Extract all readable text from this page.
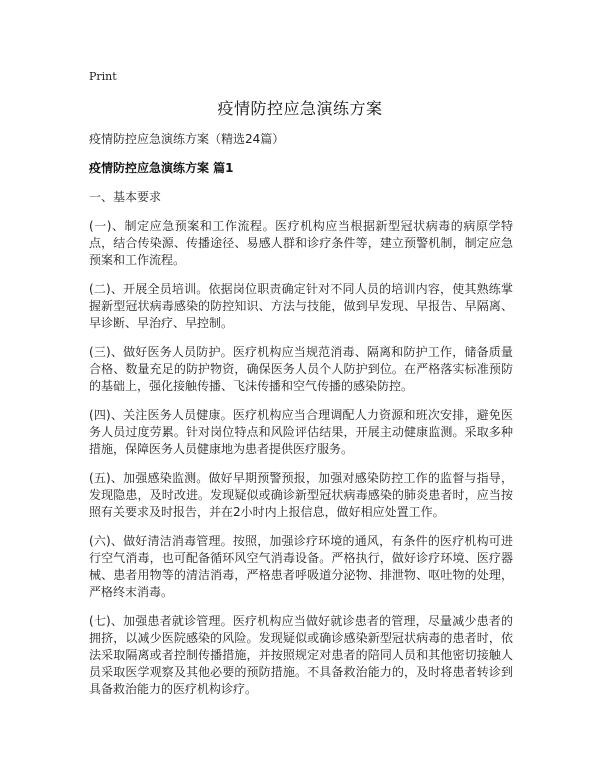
Print
疫情防控应急演练方案

疫情防控应急演练方案（精选24篇）

疫情防控应急演练方案 篇1

一、基本要求

(一)、制定应急预案和工作流程。医疗机构应当根据新型冠状病毒的病原学特点，结合传染源、传播途径、易感人群和诊疗条件等，建立预警机制，制定应急预案和工作流程。

(二)、开展全员培训。依据岗位职责确定针对不同人员的培训内容，使其熟练掌握新型冠状病毒感染的防控知识、方法与技能，做到早发现、早报告、早隔离、早诊断、早治疗、早控制。

(三)、做好医务人员防护。医疗机构应当规范消毒、隔离和防护工作，储备质量合格、数量充足的防护物资，确保医务人员个人防护到位。在严格落实标准预防的基础上，强化接触传播、飞沫传播和空气传播的感染防控。

(四)、关注医务人员健康。医疗机构应当合理调配人力资源和班次安排，避免医务人员过度劳累。针对岗位特点和风险评估结果，开展主动健康监测。采取多种措施，保障医务人员健康地为患者提供医疗服务。

(五)、加强感染监测。做好早期预警预报，加强对感染防控工作的监督与指导，发现隐患，及时改进。发现疑似或确诊新型冠状病毒感染的肺炎患者时，应当按照有关要求及时报告，并在2小时内上报信息，做好相应处置工作。

(六)、做好清洁消毒管理。按照，加强诊疗环境的通风，有条件的医疗机构可进行空气消毒，也可配备循环风空气消毒设备。严格执行，做好诊疗环境、医疗器械、患者用物等的清洁消毒，严格患者呼吸道分泌物、排泄物、呕吐物的处理，严格终末消毒。

(七)、加强患者就诊管理。医疗机构应当做好就诊患者的管理，尽量减少患者的拥挤，以减少医院感染的风险。发现疑似或确诊感染新型冠状病毒的患者时，依法采取隔离或者控制传播措施，并按照规定对患者的陪同人员和其他密切接触人员采取医学观察及其他必要的预防措施。不具备救治能力的，及时将患者转诊到具备救治能力的医疗机构诊疗。
